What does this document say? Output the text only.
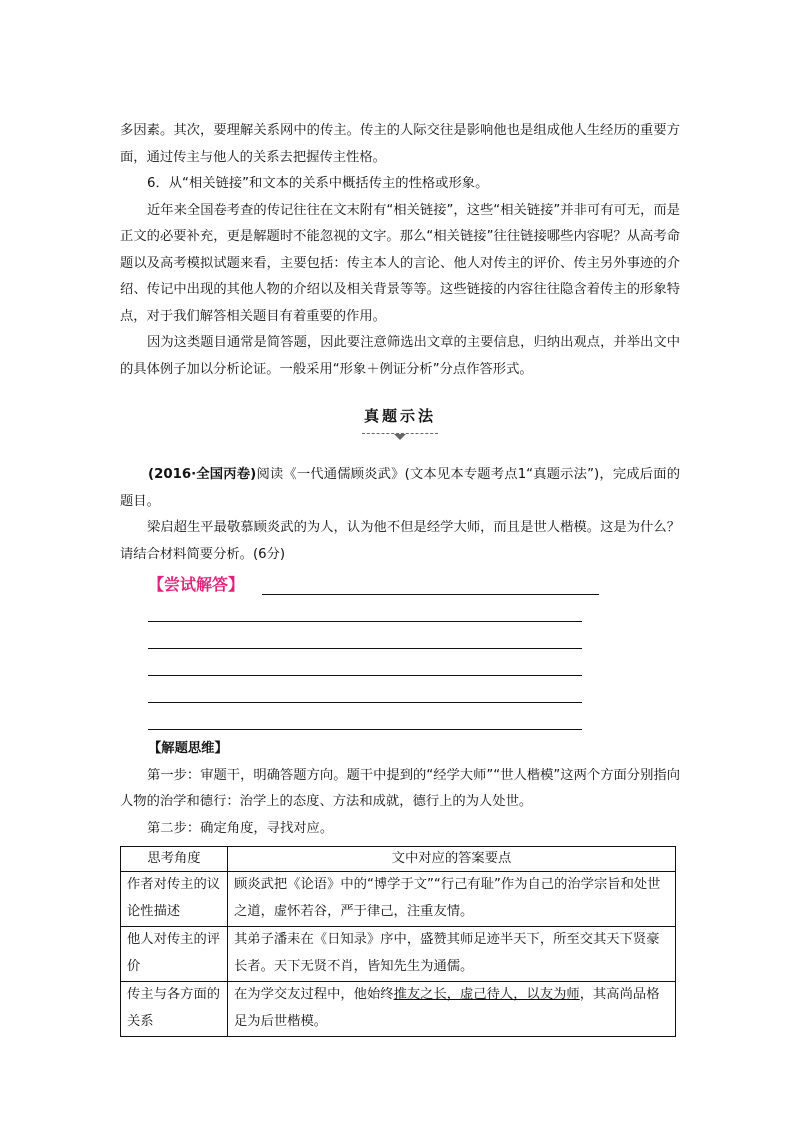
多因素。其次，要理解关系网中的传主。传主的人际交往是影响他也是组成他人生经历的重要方面，通过传主与他人的关系去把握传主性格。

6．从“相关链接”和文本的关系中概括传主的性格或形象。

近年来全国卷考查的传记往往在文末附有“相关链接”，这些“相关链接”并非可有可无，而是正文的必要补充，更是解题时不能忽视的文字。那么“相关链接”往往链接哪些内容呢？从高考命题以及高考模拟试题来看，主要包括：传主本人的言论、他人对传主的评价、传主另外事迹的介绍、传记中出现的其他人物的介绍以及相关背景等等。这些链接的内容往往隐含着传主的形象特点，对于我们解答相关题目有着重要的作用。

因为这类题目通常是简答题，因此要注意筛选出文章的主要信息，归纳出观点，并举出文中的具体例子加以分析论证。一般采用“形象＋例证分析”分点作答形式。

真题示法

(2016·全国丙卷)阅读《一代通儒顾炎武》(文本见本专题考点1“真题示法”)，完成后面的题目。

梁启超生平最敬慕顾炎武的为人，认为他不但是经学大师，而且是世人楷模。这是为什么？请结合材料简要分析。(6分)

【尝试解答】

【解题思维】

第一步：审题干，明确答题方向。题干中提到的“经学大师”“世人楷模”这两个方面分别指向人物的治学和德行：治学上的态度、方法和成就，德行上的为人处世。

第二步：确定角度，寻找对应。

思考角度	文中对应的答案要点
作者对传主的议论性描述	顾炎武把《论语》中的“博学于文”“行己有耻”作为自己的治学宗旨和处世之道，虚怀若谷，严于律己，注重友情。
他人对传主的评价	其弟子潘耒在《日知录》序中，盛赞其师足迹半天下，所至交其天下贤豪长者。天下无贤不肖，皆知先生为通儒。
传主与各方面的关系	在为学交友过程中，他始终推友之长，虚己待人，以友为师，其高尚品格足为后世楷模。
